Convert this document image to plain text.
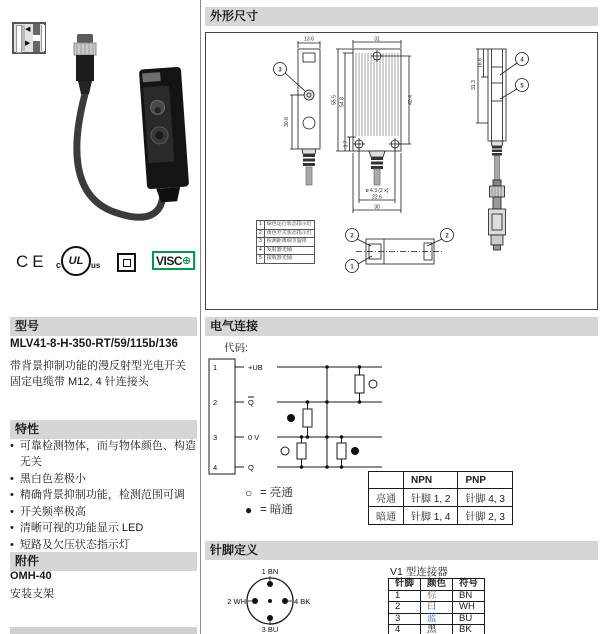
◀
▶
CE c UL us	VISC ⊕
型号
MLV41-8-H-350-RT/59/115b/136
带背景抑制功能的漫反射型光电开关
固定电缆带 M12, 4 针连接头
特性
• 可靠检测物体，而与物体颜色、构造无关
• 黑白色差极小
• 精确背景抑制功能，检测范围可调
• 开关频率极高
• 清晰可视的功能显示 LED
• 短路及欠压状态指示灯
附件
OMH-40
安装支架
外形尺寸
13.6
30.8
31
55.5 54.8
3.7
40.4
ø 4.3 (2 x)
22.6
30
31.3
16.6
3
4
5
2
1
2
1	绿色运行状态指示灯
2	黄色开关状态指示灯
3	检测距离调节旋钮
4	发射器光轴
5	接收器光轴
电气连接
代码:
1
2
3
4
+UB
Q
0 V
Q
○ = 亮通
● = 暗通
	NPN	PNP
亮通	针脚 1, 2	针脚 4, 3
暗通	针脚 1, 4	针脚 2, 3
针脚定义
V1 型连接器
1 BN
2 WH	4 BK
3 BU
针脚	颜色	符号
1	棕	BN
2	白	WH
3	蓝	BU
4	黑	BK
